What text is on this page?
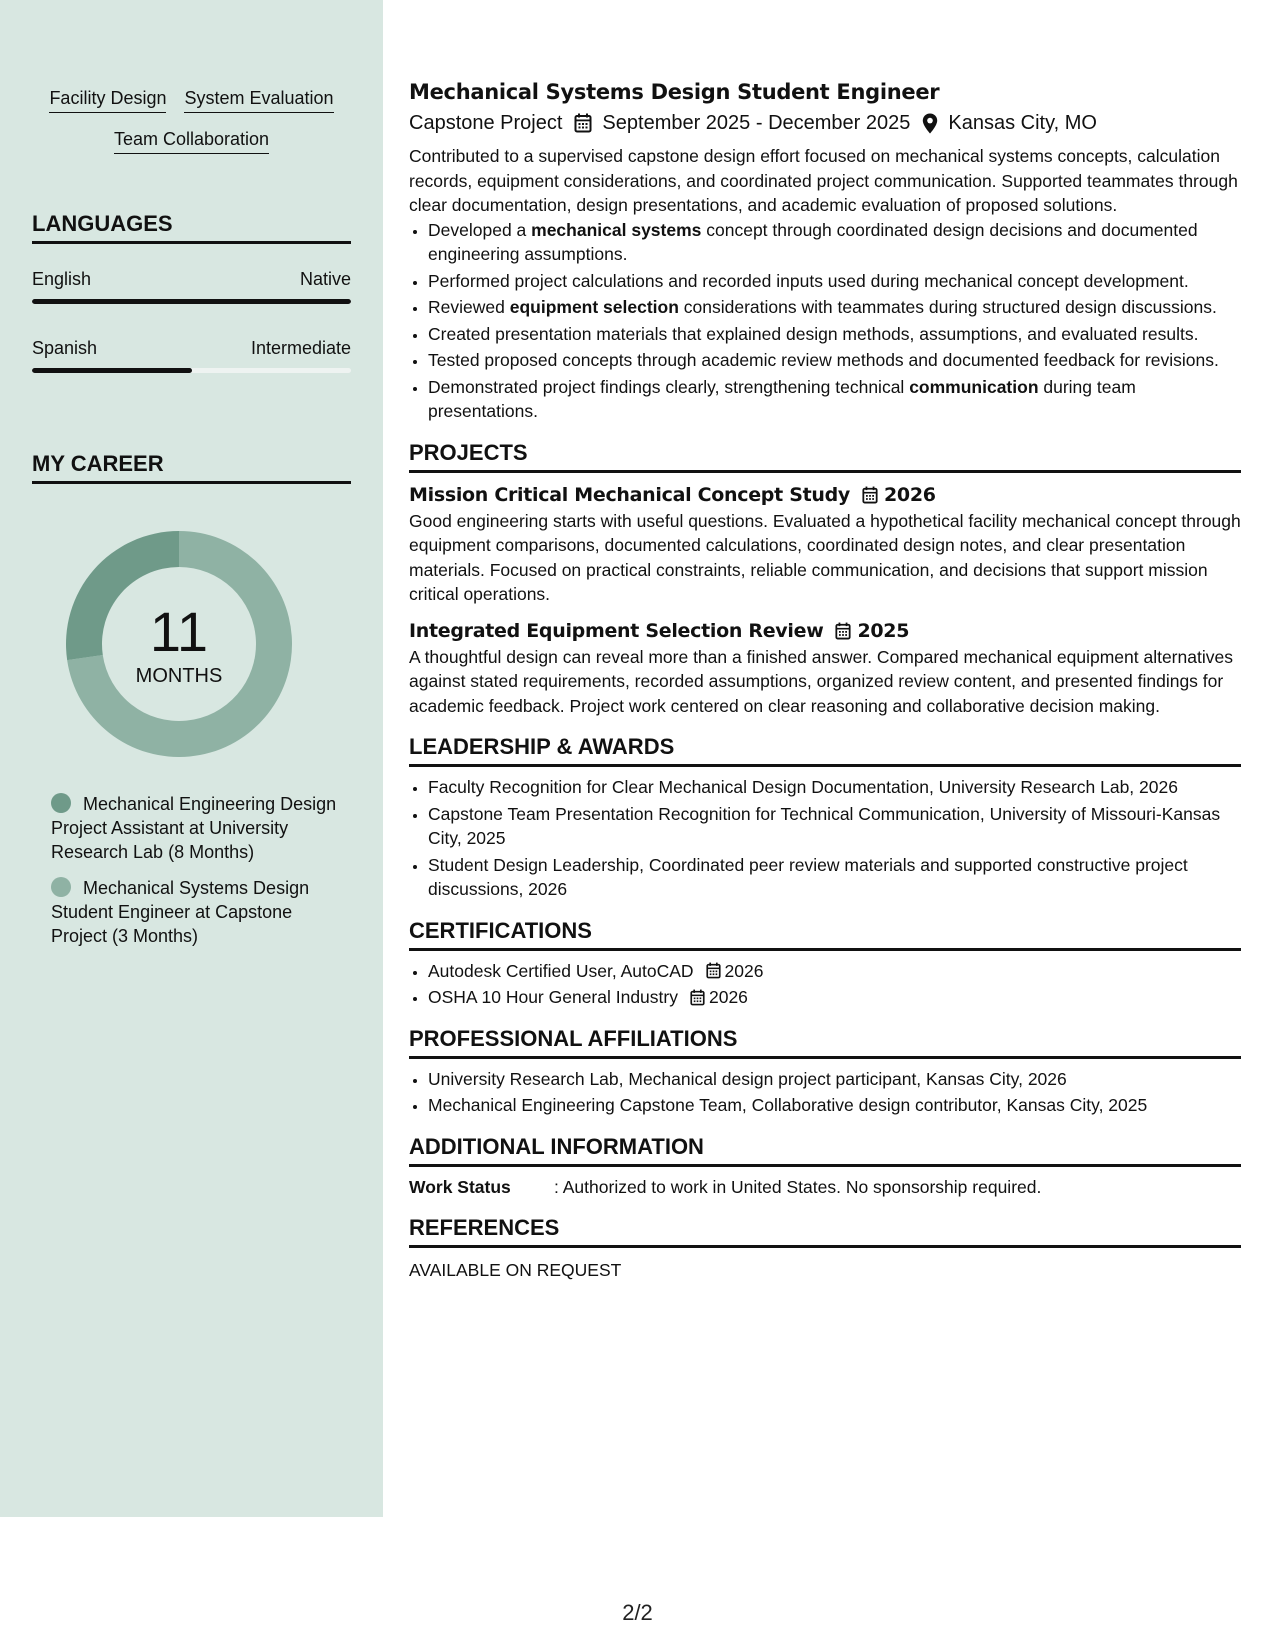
Facility Design System Evaluation
Team Collaboration
LANGUAGES
English	Native
Spanish	Intermediate
MY CAREER
11
MONTHS
Mechanical Engineering Design Project Assistant at University Research Lab (8 Months)
Mechanical Systems Design Student Engineer at Capstone Project (3 Months)
Mechanical Systems Design Student Engineer
Capstone Project September 2025 - December 2025 Kansas City, MO
Contributed to a supervised capstone design effort focused on mechanical systems concepts, calculation records, equipment considerations, and coordinated project communication. Supported teammates through clear documentation, design presentations, and academic evaluation of proposed solutions.
• Developed a mechanical systems concept through coordinated design decisions and documented engineering assumptions.
• Performed project calculations and recorded inputs used during mechanical concept development.
• Reviewed equipment selection considerations with teammates during structured design discussions.
• Created presentation materials that explained design methods, assumptions, and evaluated results.
• Tested proposed concepts through academic review methods and documented feedback for revisions.
• Demonstrated project findings clearly, strengthening technical communication during team presentations.
PROJECTS
Mission Critical Mechanical Concept Study 2026
Good engineering starts with useful questions. Evaluated a hypothetical facility mechanical concept through equipment comparisons, documented calculations, coordinated design notes, and clear presentation materials. Focused on practical constraints, reliable communication, and decisions that support mission critical operations.
Integrated Equipment Selection Review 2025
A thoughtful design can reveal more than a finished answer. Compared mechanical equipment alternatives against stated requirements, recorded assumptions, organized review content, and presented findings for academic feedback. Project work centered on clear reasoning and collaborative decision making.
LEADERSHIP & AWARDS
• Faculty Recognition for Clear Mechanical Design Documentation, University Research Lab, 2026
• Capstone Team Presentation Recognition for Technical Communication, University of Missouri-Kansas City, 2025
• Student Design Leadership, Coordinated peer review materials and supported constructive project discussions, 2026
CERTIFICATIONS
• Autodesk Certified User, AutoCAD 2026
• OSHA 10 Hour General Industry 2026
PROFESSIONAL AFFILIATIONS
• University Research Lab, Mechanical design project participant, Kansas City, 2026
• Mechanical Engineering Capstone Team, Collaborative design contributor, Kansas City, 2025
ADDITIONAL INFORMATION
Work Status	: Authorized to work in United States. No sponsorship required.
REFERENCES
AVAILABLE ON REQUEST
2/2
